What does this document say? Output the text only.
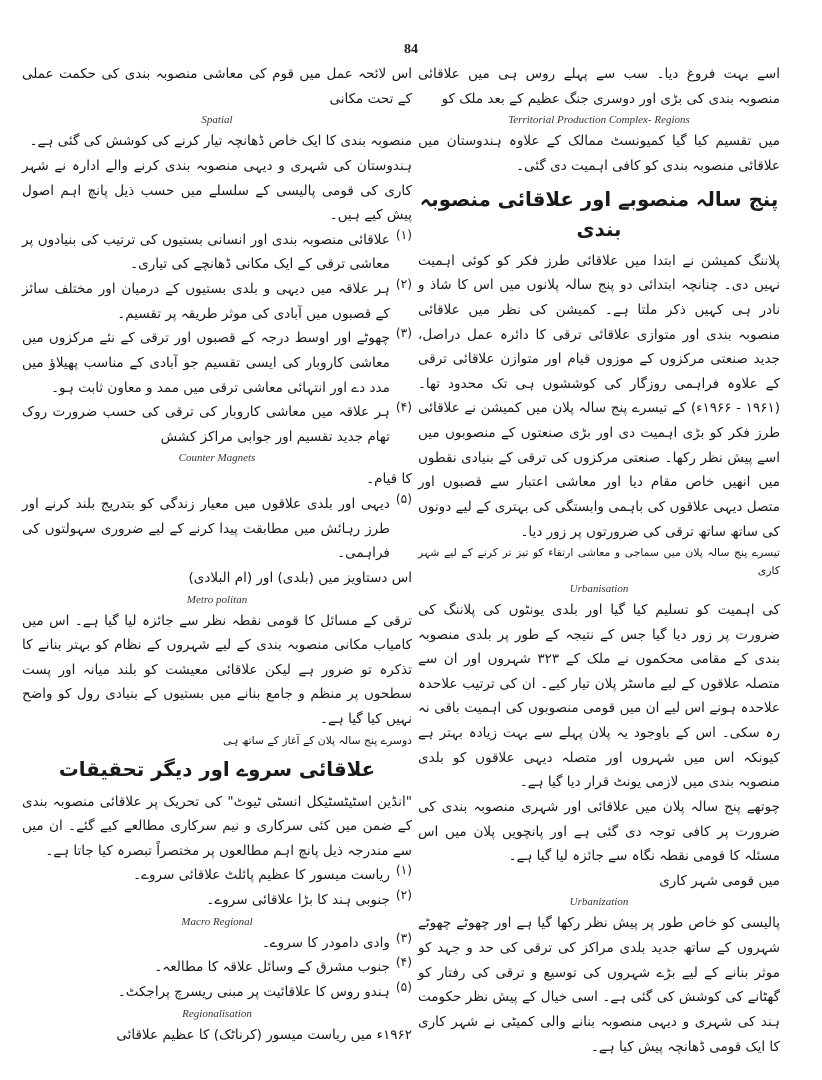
84

اسے بہت فروغ دیا۔ سب سے پہلے روس ہی میں علاقائی منصوبہ بندی کی بڑی اور دوسری جنگ عظیم کے بعد ملک کو

Territorial Production Complex- Regions

میں تقسیم کیا گیا کمیونسٹ ممالک کے علاوہ ہندوستان میں علاقائی منصوبہ بندی کو کافی اہمیت دی گئی۔

پنج سالہ منصوبے اور علاقائی منصوبہ بندی

پلاننگ کمیشن نے ابتدا میں علاقائی طرز فکر کو کوئی اہمیت نہیں دی۔ چنانچہ ابتدائی دو پنج سالہ پلانوں میں اس کا شاذ و نادر ہی کہیں ذکر ملتا ہے۔ کمیشن کی نظر میں علاقائی منصوبہ بندی اور متوازی علاقائی ترقی کا دائرہ عمل دراصل، جدید صنعتی مرکزوں کے موزوں قیام اور متوازن علاقائی ترقی کے علاوہ فراہمی روزگار کی کوششوں ہی تک محدود تھا۔ (۱۹۶۱ - ۱۹۶۶ء) کے تیسرے پنج سالہ پلان میں کمیشن نے علاقائی طرز فکر کو بڑی اہمیت دی اور بڑی صنعتوں کے منصوبوں میں اسے پیش نظر رکھا۔ صنعتی مرکزوں کی ترقی کے بنیادی نقطوں میں انھیں خاص مقام دیا اور معاشی اعتبار سے قصبوں اور متصل دیہی علاقوں کی باہمی وابستگی کی بہتری کے لیے دونوں کی ساتھ ساتھ ترقی کی ضرورتوں پر زور دیا۔

تیسرے پنج سالہ پلان میں سماجی و معاشی ارتقاء کو تیز تر کرنے کے لیے شہر کاری

Urbanisation

کی اہمیت کو تسلیم کیا گیا اور بلدی یونٹوں کی پلاننگ کی ضرورت پر زور دیا گیا جس کے نتیجہ کے طور پر بلدی منصوبہ بندی کے مقامی محکموں نے ملک کے ۳۲۳ شہروں اور ان سے متصلہ علاقوں کے لیے ماسٹر پلان تیار کیے۔ ان کی ترتیب علاحدہ علاحدہ ہونے اس لیے ان میں قومی منصوبوں کی اہمیت باقی نہ رہ سکی۔ اس کے باوجود یہ پلان پہلے سے بہت زیادہ بہتر ہے کیونکہ اس میں شہروں اور متصلہ دیہی علاقوں کو بلدی منصوبہ بندی میں لازمی یونٹ قرار دیا گیا ہے۔

چوتھے پنج سالہ پلان میں علاقائی اور شہری منصوبہ بندی کی ضرورت پر کافی توجہ دی گئی ہے اور پانچویں پلان میں اس مسئلہ کا قومی نقطہ نگاہ سے جائزہ لیا گیا ہے۔

میں قومی شہر کاری

Urbanization

پالیسی کو خاص طور پر پیش نظر رکھا گیا ہے اور چھوٹے چھوٹے شہروں کے ساتھ جدید بلدی مراکز کی ترقی کی حد و جہد کو موثر بنانے کے لیے بڑے شہروں کی توسیع و ترقی کی رفتار کو گھٹانے کی کوشش کی گئی ہے۔ اسی خیال کے پیش نظر حکومت ہند کی شہری و دیہی منصوبہ بنانے والی کمیٹی نے شہر کاری کا ایک قومی ڈھانچہ پیش کیا ہے۔

اس لائحہ عمل میں قوم کی معاشی منصوبہ بندی کی حکمت عملی کے تحت مکانی

Spatial

منصوبہ بندی کا ایک خاص ڈھانچہ تیار کرنے کی کوشش کی گئی ہے۔

ہندوستان کی شہری و دیہی منصوبہ بندی کرنے والے ادارہ نے شہر کاری کی قومی پالیسی کے سلسلے میں حسب ذیل پانچ اہم اصول پیش کیے ہیں۔

(۱)

علاقائی منصوبہ بندی اور انسانی بستیوں کی ترتیب کی بنیادوں پر معاشی ترقی کے ایک مکانی ڈھانچے کی تیاری۔

(۲)

ہر علاقہ میں دیہی و بلدی بستیوں کے درمیان اور مختلف سائز کے قصبوں میں آبادی کی موثر طریقہ پر تقسیم۔

(۳)

چھوٹے اور اوسط درجہ کے قصبوں اور ترقی کے نئے مرکزوں میں معاشی کاروبار کی ایسی تقسیم جو آبادی کے مناسب پھیلاؤ میں مدد دے اور انتہائی معاشی ترقی میں ممد و معاون ثابت ہو۔

(۴)

ہر علاقہ میں معاشی کاروبار کی ترقی کی حسب ضرورت روک تھام جدید تقسیم اور جوابی مراکز کشش

Counter Magnets

کا قیام۔

(۵)

دیہی اور بلدی علاقوں میں معیار زندگی کو بتدریج بلند کرنے اور طرز رہائش میں مطابقت پیدا کرنے کے لیے ضروری سہولتوں کی فراہمی۔

اس دستاویز میں (بلدی) اور (ام البلادی)

Metro politan

ترقی کے مسائل کا قومی نقطہ نظر سے جائزہ لیا گیا ہے۔ اس میں کامیاب مکانی منصوبہ بندی کے لیے شہروں کے نظام کو بہتر بنانے کا تذکرہ تو ضرور ہے لیکن علاقائی معیشت کو بلند میانہ اور پست سطحوں پر منظم و جامع بنانے میں بستیوں کے بنیادی رول کو واضح نہیں کیا گیا ہے۔

دوسرے پنج سالہ پلان کے آغاز کے ساتھ ہی

علاقائی سروے اور دیگر تحقیقات

"انڈین اسٹیٹسٹیکل انسٹی ٹیوٹ" کی تحریک پر علاقائی منصوبہ بندی کے ضمن میں کئی سرکاری و نیم سرکاری مطالعے کیے گئے۔ ان میں سے مندرجہ ذیل پانچ اہم مطالعوں پر مختصراً تبصرہ کیا جاتا ہے۔

(۱)

ریاست میسور کا عظیم پائلٹ علاقائی سروے۔

(۲)

جنوبی ہند کا بڑا علاقائی سروے۔

Macro Regional
(۳)

وادی دامودر کا سروے۔

(۴)

جنوب مشرق کے وسائل علاقہ کا مطالعہ۔

(۵)

ہندو روس کا علاقائیت پر مبنی ریسرچ پراجکٹ۔

Regionalisation

۱۹۶۲ء میں ریاست میسور (کرناٹک) کا عظیم علاقائی
